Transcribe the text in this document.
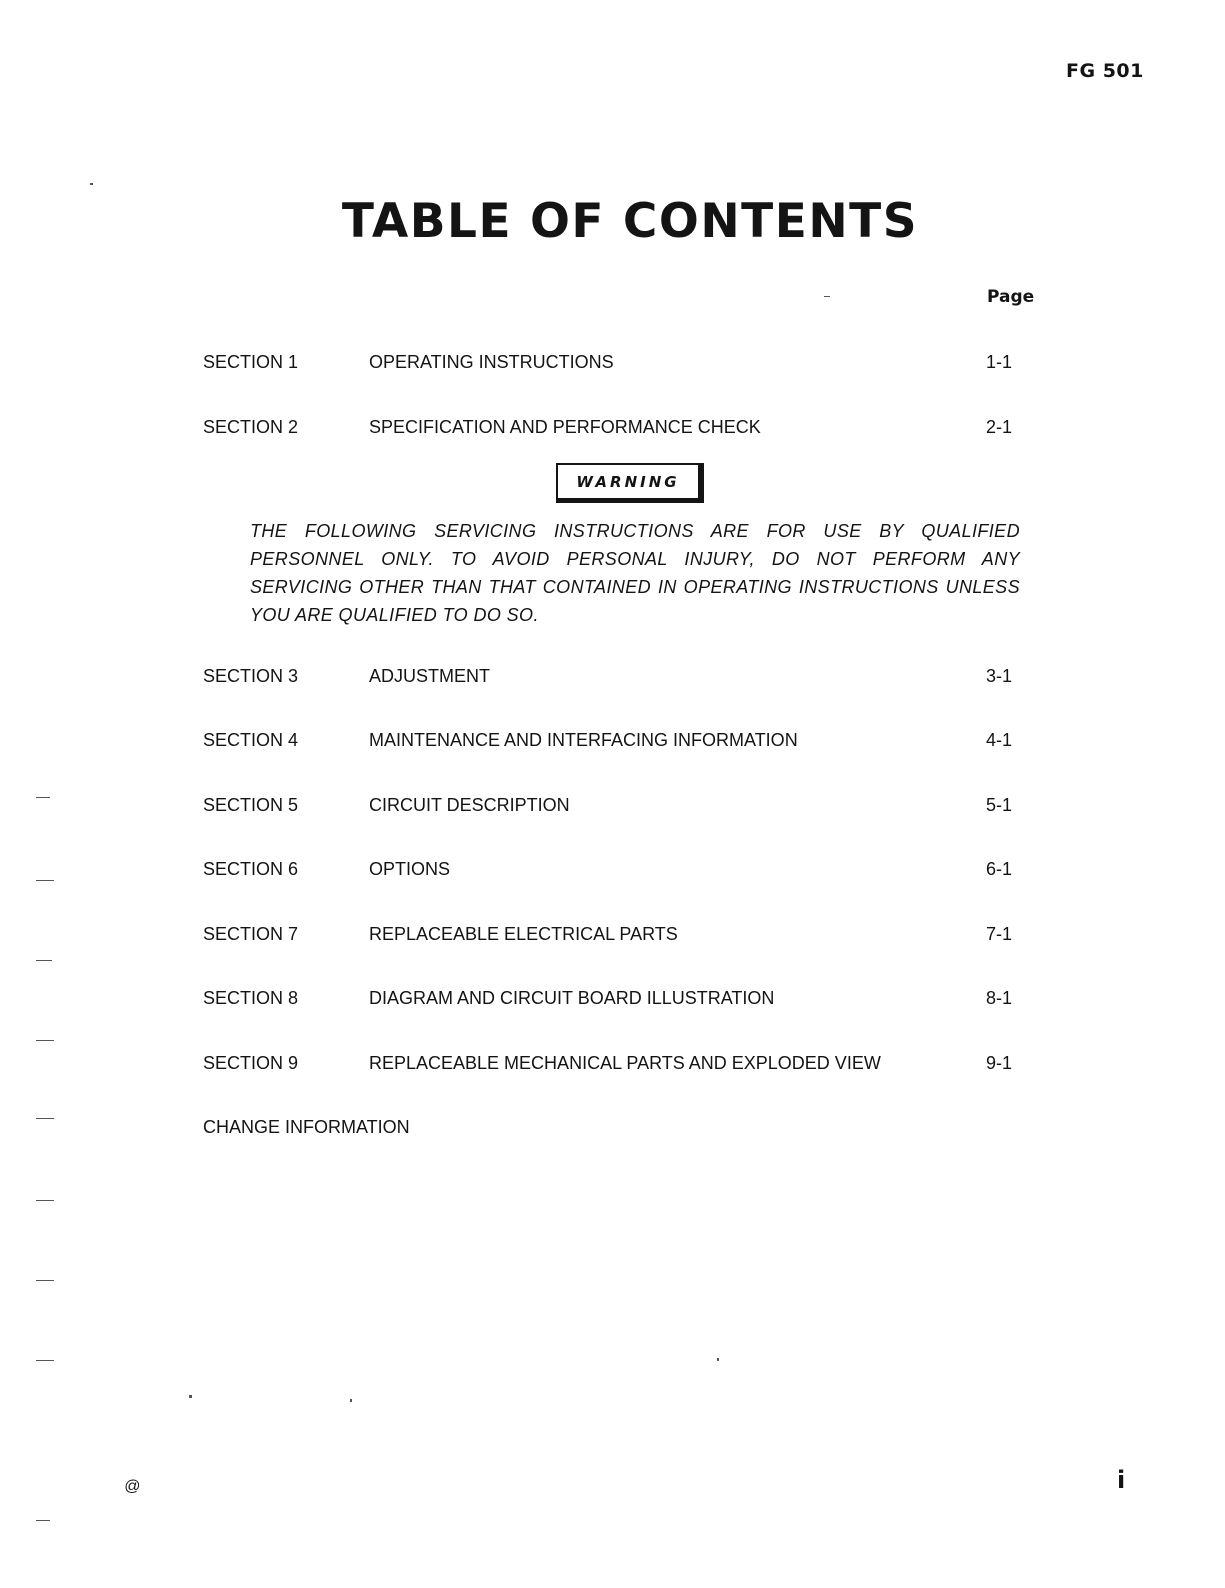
FG 501
TABLE OF CONTENTS
Page
SECTION 1	OPERATING INSTRUCTIONS	1-1
SECTION 2	SPECIFICATION AND PERFORMANCE CHECK	2-1
WARNING

THE FOLLOWING SERVICING INSTRUCTIONS ARE FOR USE BY QUALIFIED PERSONNEL ONLY. TO AVOID PERSONAL INJURY, DO NOT PERFORM ANY SERVICING OTHER THAN THAT CONTAINED IN OPERATING INSTRUCTIONS UNLESS YOU ARE QUALIFIED TO DO SO.

SECTION 3	ADJUSTMENT	3-1
SECTION 4	MAINTENANCE AND INTERFACING INFORMATION	4-1
SECTION 5	CIRCUIT DESCRIPTION	5-1
SECTION 6	OPTIONS	6-1
SECTION 7	REPLACEABLE ELECTRICAL PARTS	7-1
SECTION 8	DIAGRAM AND CIRCUIT BOARD ILLUSTRATION	8-1
SECTION 9	REPLACEABLE MECHANICAL PARTS AND EXPLODED VIEW	9-1
CHANGE INFORMATION
@	i
